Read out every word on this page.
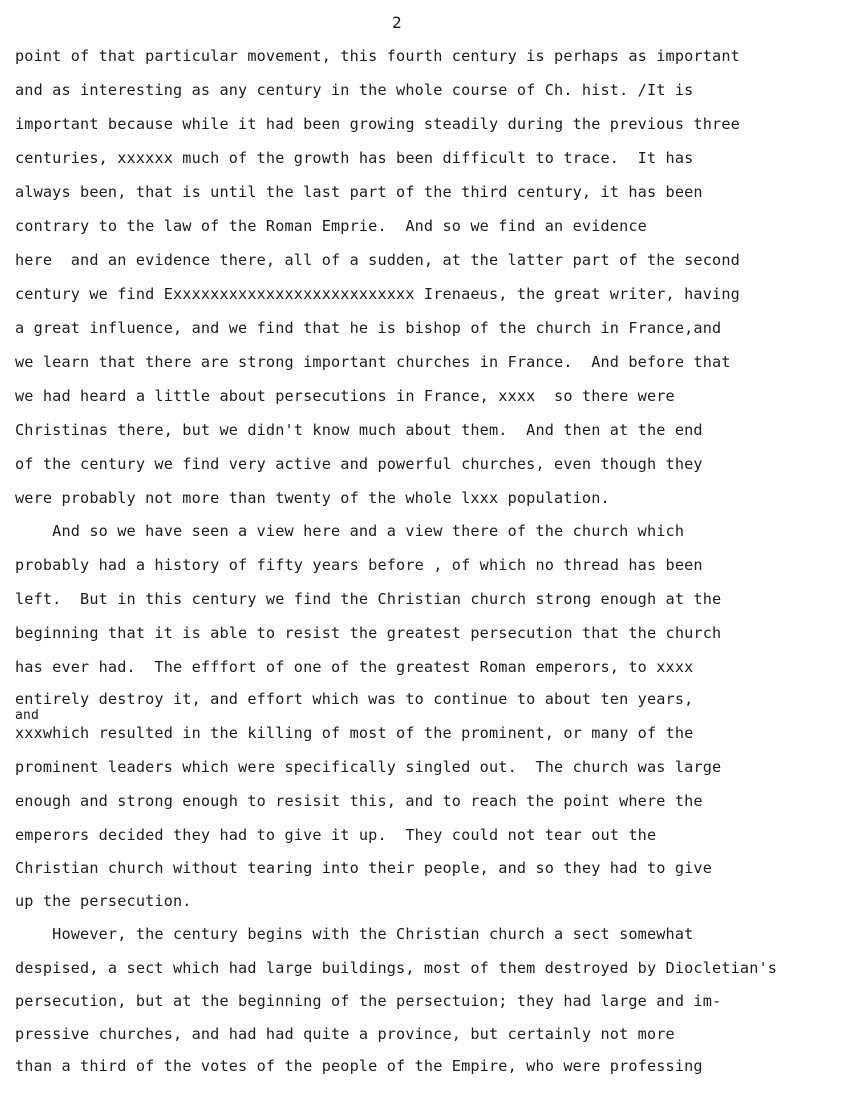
2
point of that particular movement, this fourth century is perhaps as important
and as interesting as any century in the whole course of Ch. hist. /It is
important because while it had been growing steadily during the previous three
centuries, xxxxxx much of the growth has been difficult to trace.  It has
always been, that is until the last part of the third century, it has been
contrary to the law of the Roman Emprie.  And so we find an evidence
here  and an evidence there, all of a sudden, at the latter part of the second
century we find Exxxxxxxxxxxxxxxxxxxxxxxxxx Irenaeus, the great writer, having
a great influence, and we find that he is bishop of the church in France,and
we learn that there are strong important churches in France.  And before that
we had heard a little about persecutions in France, xxxx  so there were
Christinas there, but we didn't know much about them.  And then at the end
of the century we find very active and powerful churches, even though they
were probably not more than twenty of the whole lxxx population.
And so we have seen a view here and a view there of the church which
probably had a history of fifty years before , of which no thread has been
left.  But in this century we find the Christian church strong enough at the
beginning that it is able to resist the greatest persecution that the church
has ever had.  The efffort of one of the greatest Roman emperors, to xxxx
entirely destroy it, and effort which was to continue to about ten years,
and
xxxwhich resulted in the killing of most of the prominent, or many of the
prominent leaders which were specifically singled out.  The church was large
enough and strong enough to resisit this, and to reach the point where the
emperors decided they had to give it up.  They could not tear out the
Christian church without tearing into their people, and so they had to give
up the persecution.
However, the century begins with the Christian church a sect somewhat
despised, a sect which had large buildings, most of them destroyed by Diocletian's
persecution, but at the beginning of the persectuion; they had large and im-
pressive churches, and had had quite a province, but certainly not more
than a third of the votes of the people of the Empire, who were professing
